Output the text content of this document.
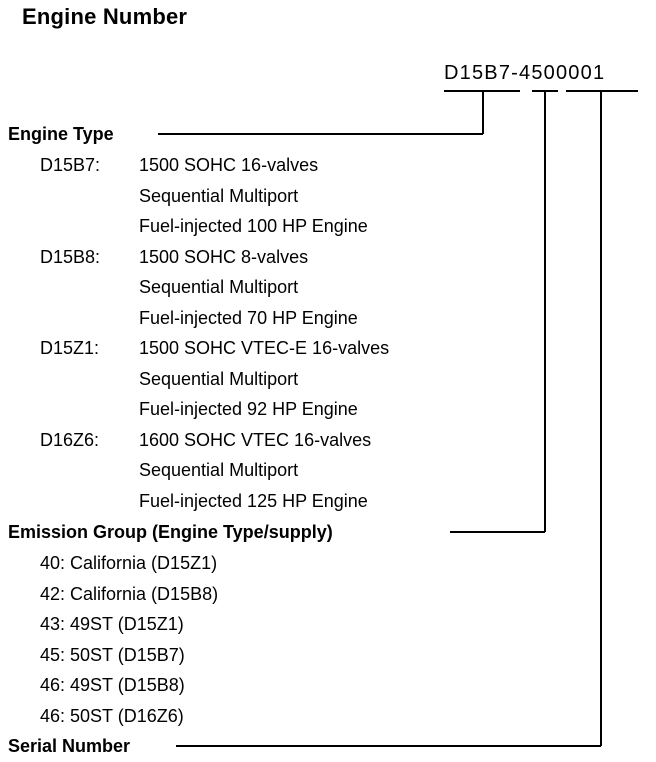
Engine Number
D15B7-4500001
Engine Type
D15B7: 1500 SOHC 16-valves
Sequential Multiport
Fuel-injected 100 HP Engine
D15B8: 1500 SOHC 8-valves
Sequential Multiport
Fuel-injected 70 HP Engine
D15Z1: 1500 SOHC VTEC-E 16-valves
Sequential Multiport
Fuel-injected 92 HP Engine
D16Z6: 1600 SOHC VTEC 16-valves
Sequential Multiport
Fuel-injected 125 HP Engine
Emission Group (Engine Type/supply)
40: California (D15Z1)
42: California (D15B8)
43: 49ST (D15Z1)
45: 50ST (D15B7)
46: 49ST (D15B8)
46: 50ST (D16Z6)
Serial Number
